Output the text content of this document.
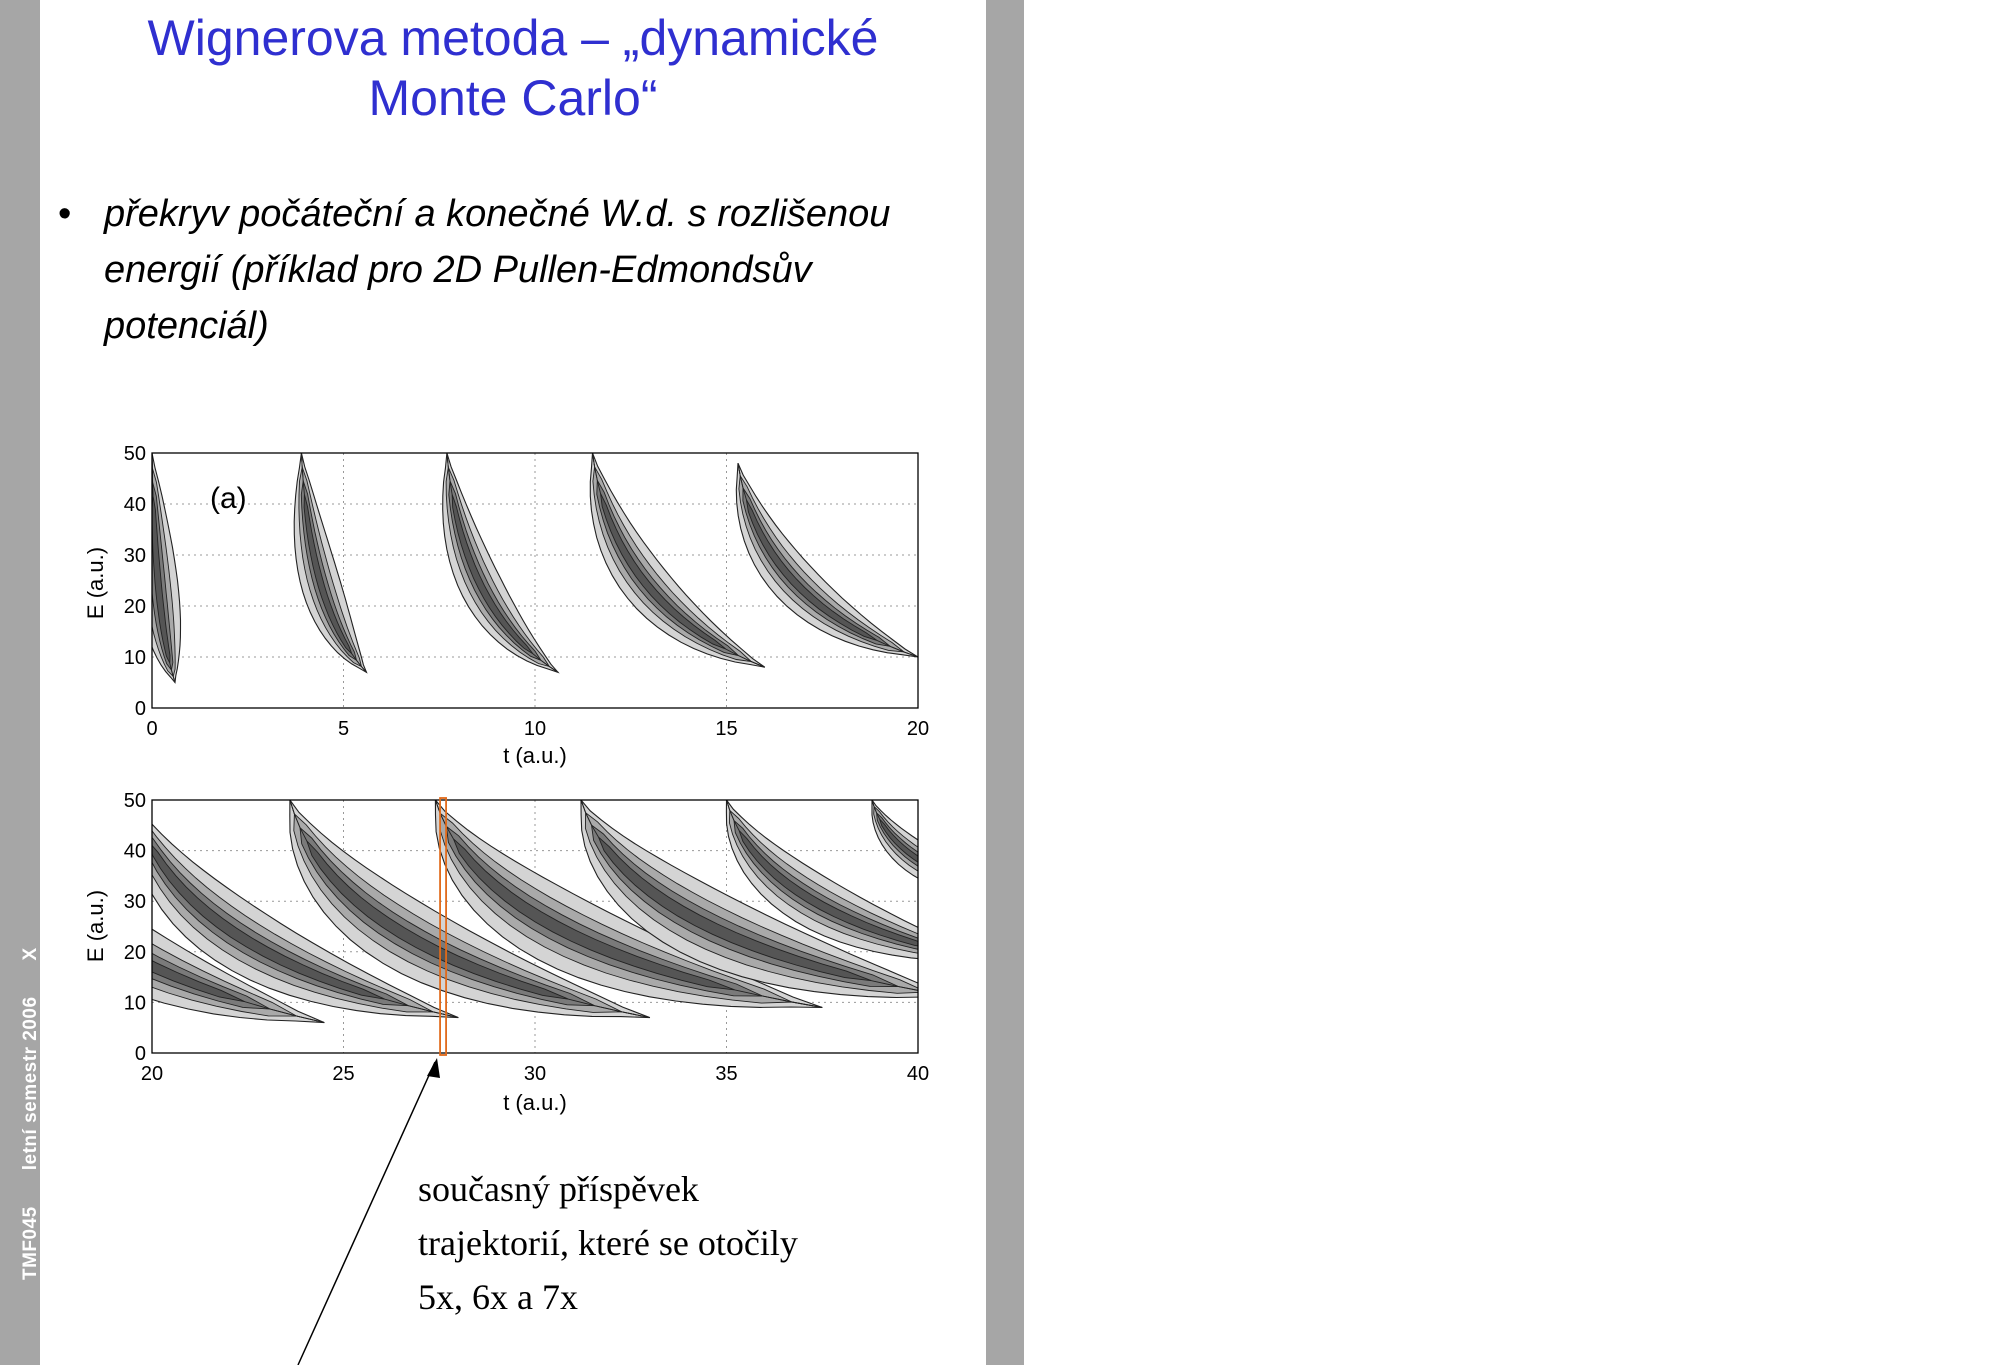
TMF045letní semestr 2006X
str. 40
Wignerova metoda – „dynamické
Monte Carlo“
• překryv počáteční a konečné W.d. s rozlišenou energií (příklad pro 2D Pullen-Edmondsův potenciál)
0	5	10	15	20
0
10
20
30
40
50
(a)
t (a.u.)
E (a.u.)
20	25	30	35	40
0
10
20
30
40
50
t (a.u.)
E (a.u.)
současný příspěvek
trajektorií, které se otočily
5x, 6x a 7x
